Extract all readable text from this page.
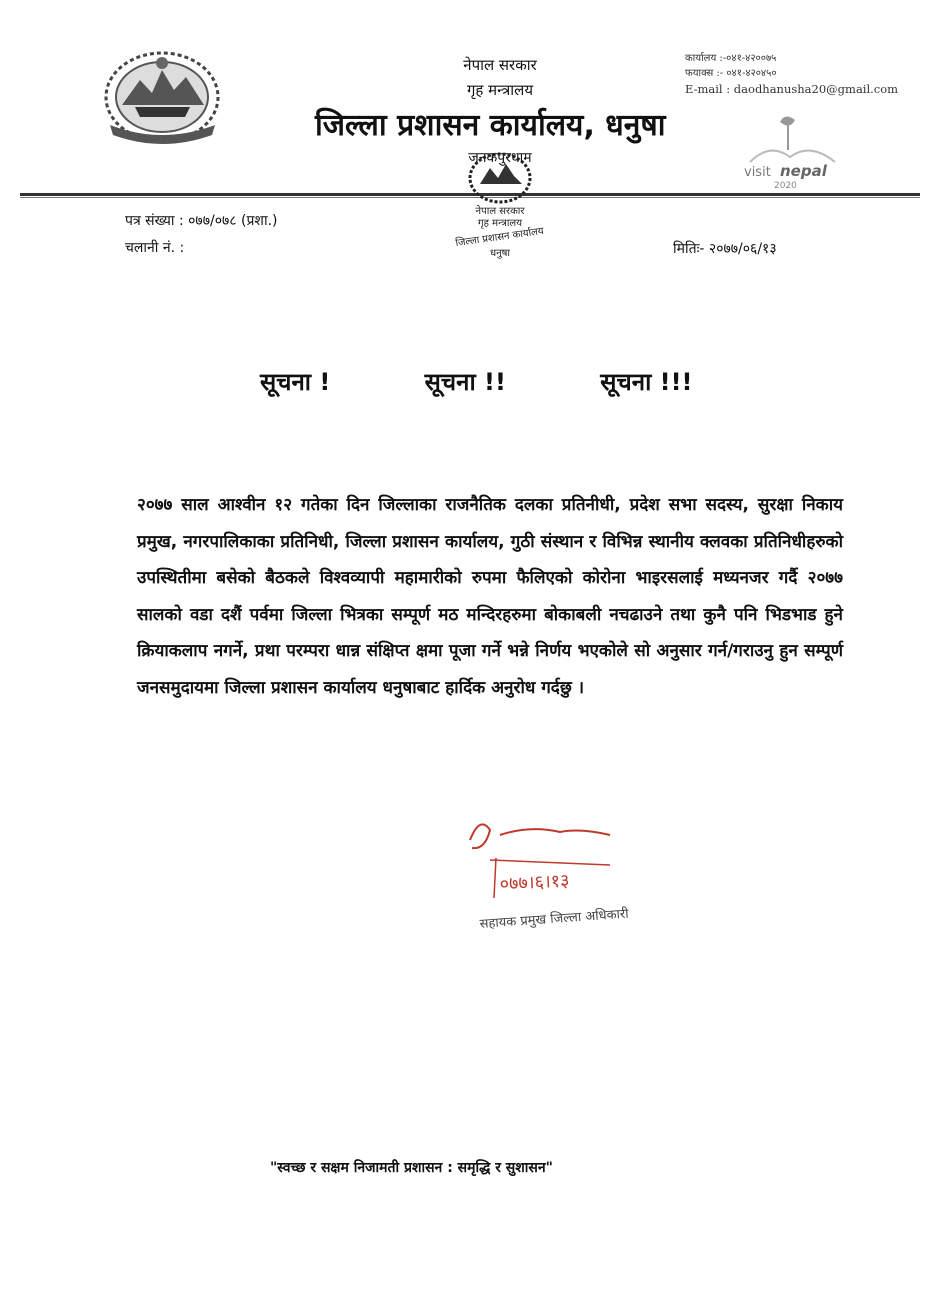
नेपाल सरकार
गृह मन्त्रालय
जिल्ला प्रशासन कार्यालय, धनुषा
जनकपुरधाम
कार्यालय :-०४१-४२००७५
फयाक्स :- ०४१-४२०४५०
E-mail : daodhanusha20@gmail.com
visit nepal
2020
नेपाल सरकार
गृह मन्त्रालय
जिल्ला प्रशासन कार्यालय
धनुषा
पत्र संख्या : ०७७/०७८ (प्रशा.)
चलानी नं. :	मितिः- २०७७/०६/१३
सूचना !	सूचना !!	सूचना !!!
२०७७ साल आश्वीन १२ गतेका दिन जिल्लाका राजनैतिक दलका प्रतिनीधी, प्रदेश सभा सदस्य, सुरक्षा निकाय प्रमुख, नगरपालिकाका प्रतिनिधी, जिल्ला प्रशासन कार्यालय, गुठी संस्थान र विभिन्न स्थानीय क्लवका प्रतिनिधीहरुको उपस्थितीमा बसेको बैठकले विश्वव्यापी महामारीको रुपमा फैलिएको कोरोना भाइरसलाई मध्यनजर गर्दै २०७७ सालको वडा दशैं पर्वमा जिल्ला भित्रका सम्पूर्ण मठ मन्दिरहरुमा बोकाबली नचढाउने तथा कुनै पनि भिडभाड हुने क्रियाकलाप नगर्ने, प्रथा परम्परा धान्न संक्षिप्त क्षमा पूजा गर्ने भन्ने निर्णय भएकोले सो अनुसार गर्न/गराउनु हुन सम्पूर्ण जनसमुदायमा जिल्ला प्रशासन कार्यालय धनुषाबाट हार्दिक अनुरोध गर्दछु ।
०७७।६।१३
सहायक प्रमुख जिल्ला अधिकारी
"स्वच्छ र सक्षम निजामती प्रशासन : समृद्धि र सुशासन"
